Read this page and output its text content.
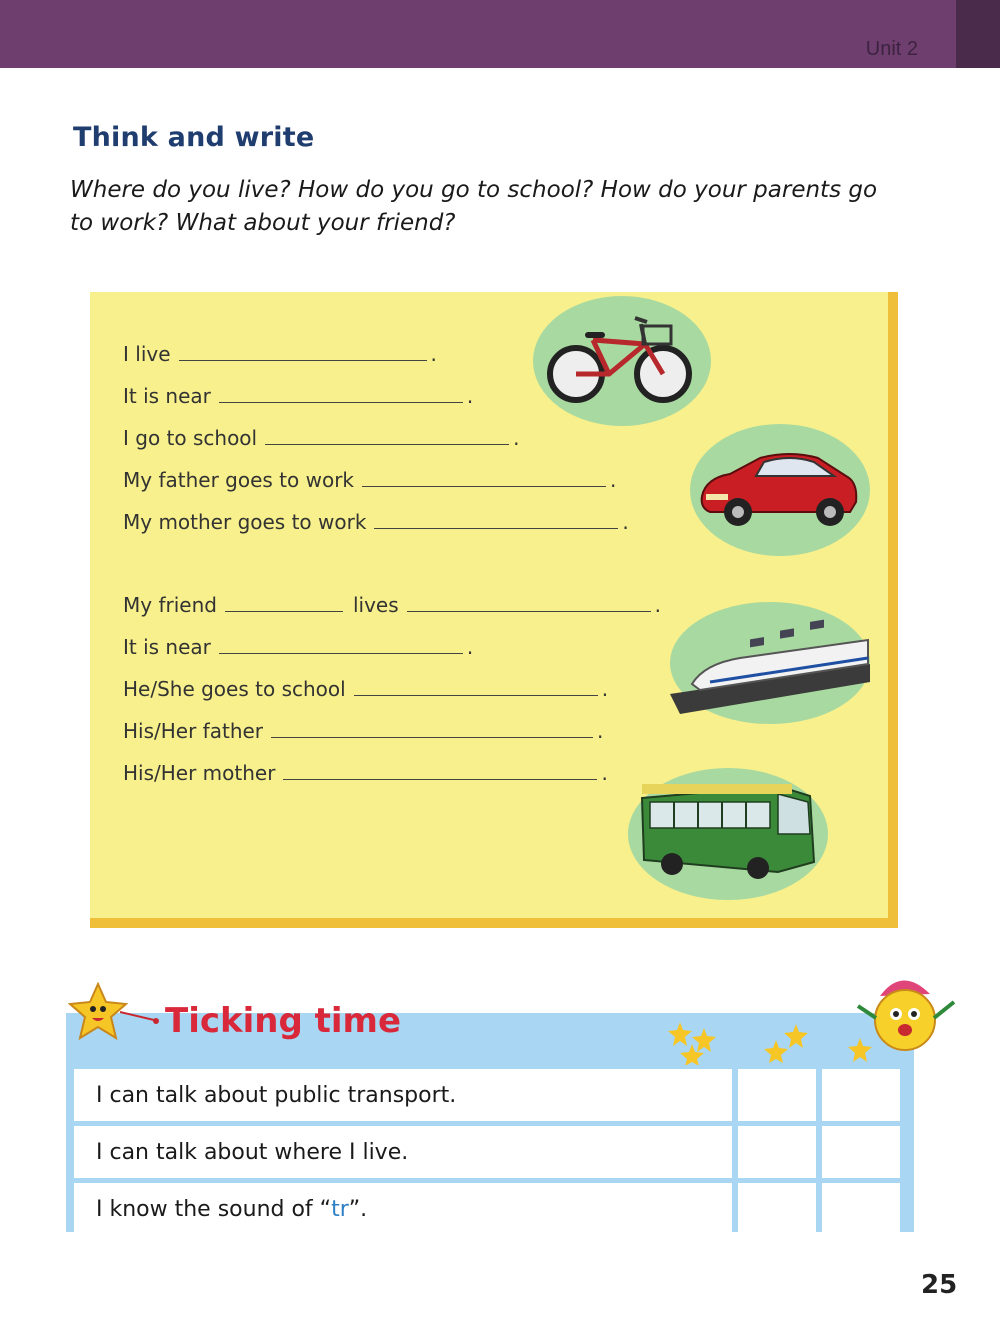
Unit 2
Think and write
Where do you live? How do you go to school? How do your parents go to work? What about your friend?
I live	.
It is near	.
I go to school	.
My father goes to work	.
My mother goes to work	.
My friend	lives	.
It is near	.
He/She goes to school	.
His/Her father	.
His/Her mother	.
Ticking time
I can talk about public transport.
I can talk about where I live.
I know the sound of “ tr ”.
25
